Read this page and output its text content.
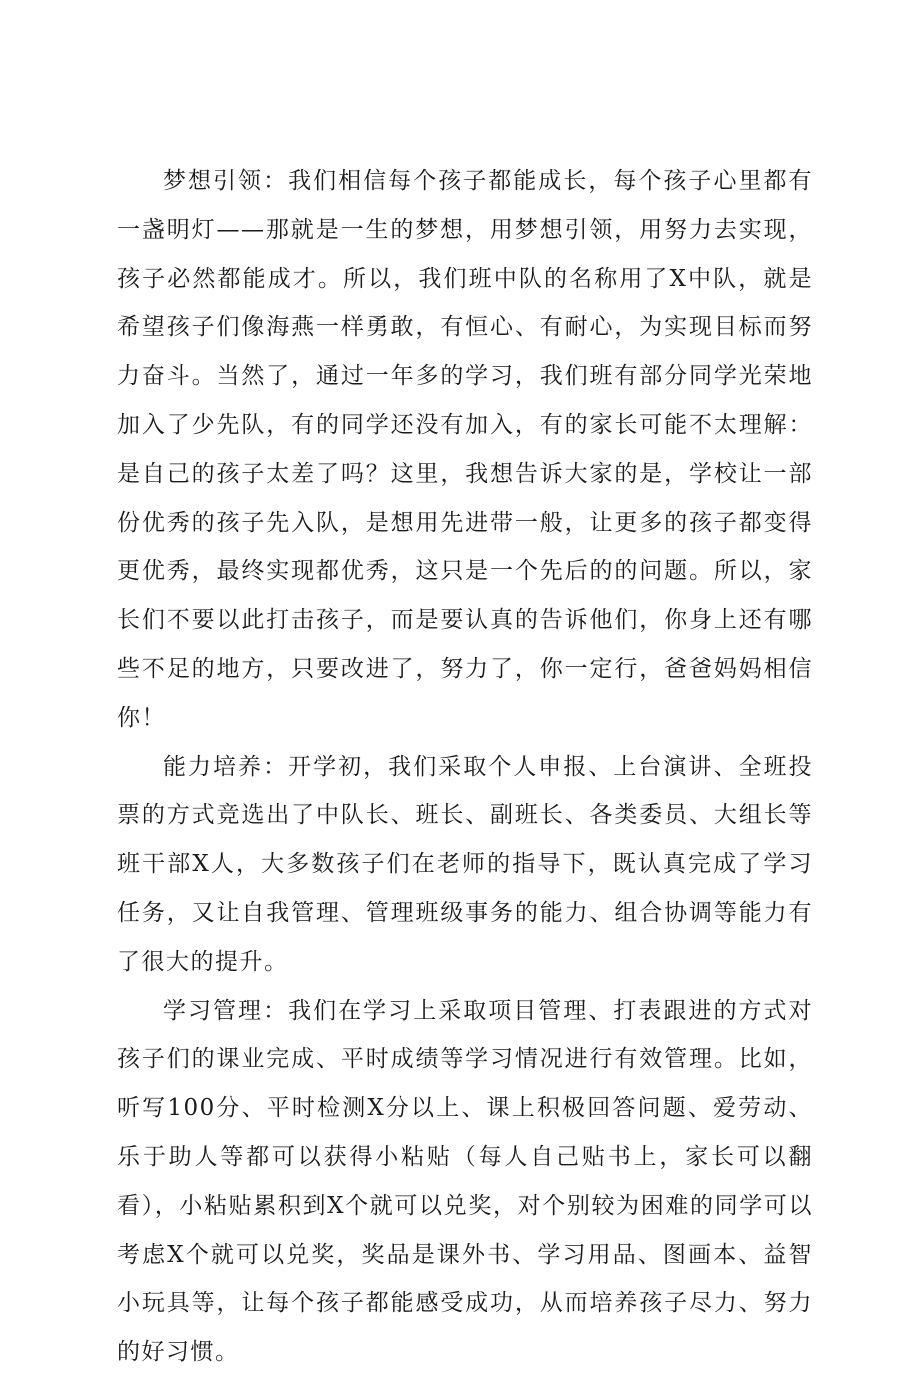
梦想引领：我们相信每个孩子都能成长，每个孩子心里都有一盏明灯——那就是一生的梦想，用梦想引领，用努力去实现，孩子必然都能成才。所以，我们班中队的名称用了X中队，就是希望孩子们像海燕一样勇敢，有恒心、有耐心，为实现目标而努力奋斗。当然了，通过一年多的学习，我们班有部分同学光荣地加入了少先队，有的同学还没有加入，有的家长可能不太理解：是自己的孩子太差了吗？这里，我想告诉大家的是，学校让一部份优秀的孩子先入队，是想用先进带一般，让更多的孩子都变得更优秀，最终实现都优秀，这只是一个先后的的问题。所以，家长们不要以此打击孩子，而是要认真的告诉他们，你身上还有哪些不足的地方，只要改进了，努力了，你一定行，爸爸妈妈相信你！

能力培养：开学初，我们采取个人申报、上台演讲、全班投票的方式竞选出了中队长、班长、副班长、各类委员、大组长等班干部X人，大多数孩子们在老师的指导下，既认真完成了学习任务，又让自我管理、管理班级事务的能力、组合协调等能力有了很大的提升。

学习管理：我们在学习上采取项目管理、打表跟进的方式对孩子们的课业完成、平时成绩等学习情况进行有效管理。比如，听写100分、平时检测X分以上、课上积极回答问题、爱劳动、乐于助人等都可以获得小粘贴（每人自己贴书上，家长可以翻看），小粘贴累积到X个就可以兑奖，对个别较为困难的同学可以考虑X个就可以兑奖，奖品是课外书、学习用品、图画本、益智小玩具等，让每个孩子都能感受成功，从而培养孩子尽力、努力的好习惯。
